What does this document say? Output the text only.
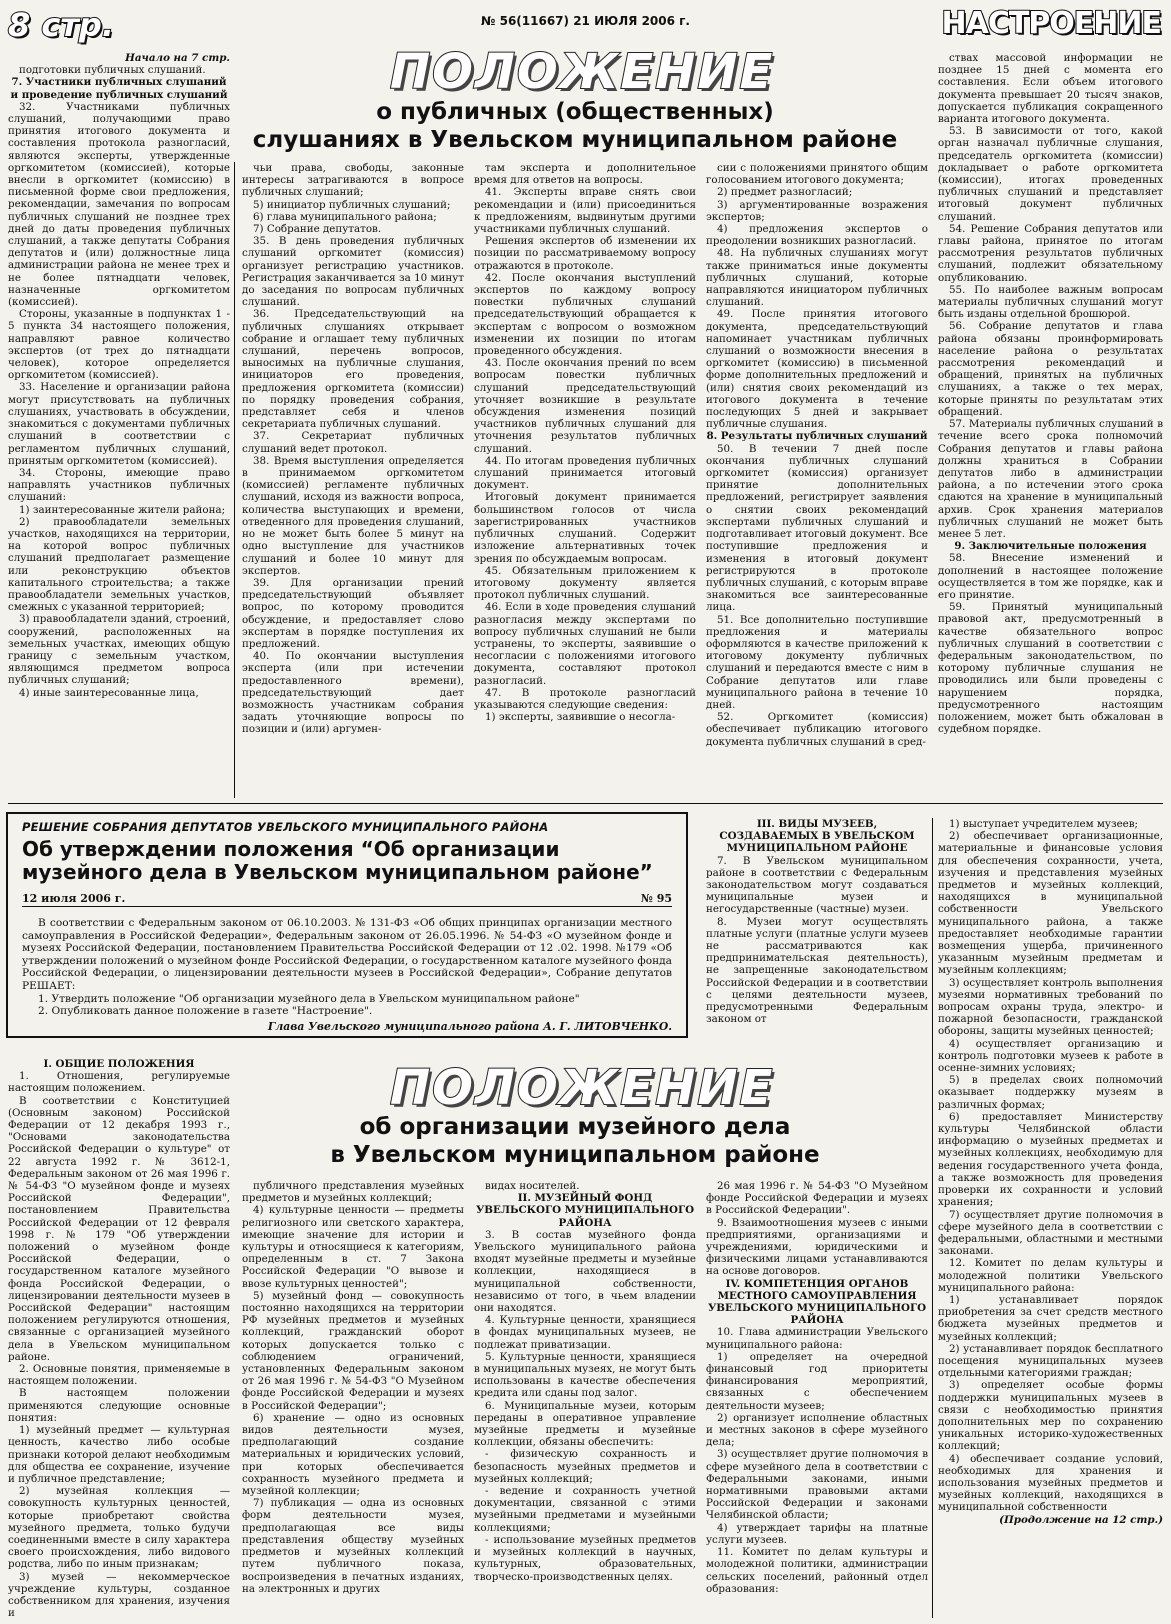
8 стр.	№ 56(11667) 21 ИЮЛЯ 2006 г.	НАСТРОЕНИЕ
ПОЛОЖЕНИЕ
о публичных (общественных)
слушаниях в Увельском муниципальном районе

Начало на 7 стр.

подготовки публичных слушаний.

7. Участники публичных слушаний и проведение публичных слушаний

32. Участниками публичных слушаний, получающими право принятия итогового документа и составления протокола разногласий, являются эксперты, утвержденные оргкомитетом (комиссией), которые внесли в оргкомитет (комиссию) в письменной форме свои предложения, рекомендации, замечания по вопросам публичных слушаний не позднее трех дней до даты проведения публичных слушаний, а также депутаты Собрания депутатов и (или) должностные лица администрации района не менее трех и не более пятнадцати человек, назначенные оргкомитетом (комиссией).

Стороны, указанные в подпунктах 1 - 5 пункта 34 настоящего положения, направляют равное количество экспертов (от трех до пятнадцати человек), которое определяется оргкомитетом (комиссией).

33. Население и организации района могут присутствовать на публичных слушаниях, участвовать в обсуждении, знакомиться с документами публичных слушаний в соответствии с регламентом публичных слушаний, принятым оргкомитетом (комиссией).

34. Стороны, имеющие право направлять участников публичных слушаний:

1) заинтересованные жители района;

2) правообладатели земельных участков, находящихся на территории, на которой вопрос публичных слушаний предполагает размещение или реконструкцию объектов капитального строительства; а также правообладатели земельных участков, смежных с указанной территорией;

3) правообладатели зданий, строений, сооружений, расположенных на земельных участках, имеющих общую границу с земельным участком, являющимся предметом вопроса публичных слушаний;

4) иные заинтересованные лица,

чьи права, свободы, законные интересы затрагиваются в вопросе публичных слушаний;

5) инициатор публичных слушаний;

6) глава муниципального района;

7) Собрание депутатов.

35. В день проведения публичных слушаний оргкомитет (комиссия) организует регистрацию участников. Регистрация заканчивается за 10 минут до заседания по вопросам публичных слушаний.

36. Председательствующий на публичных слушаниях открывает собрание и оглашает тему публичных слушаний, перечень вопросов, выносимых на публичные слушания, инициаторов его проведения, предложения оргкомитета (комиссии) по порядку проведения собрания, представляет себя и членов секретариата публичных слушаний.

37. Секретариат публичных слушаний ведет протокол.

38. Время выступления определяется в принимаемом оргкомитетом (комиссией) регламенте публичных слушаний, исходя из важности вопроса, количества выступающих и времени, отведенного для проведения слушаний, но не может быть более 5 минут на одно выступление для участников слушаний и более 10 минут для экспертов.

39. Для организации прений председательствующий объявляет вопрос, по которому проводится обсуждение, и предоставляет слово экспертам в порядке поступления их предложений.

40. По окончании выступления эксперта (или при истечении предоставленного времени), председательствующий дает возможность участникам собрания задать уточняющие вопросы по позиции и (или) аргумен-

там эксперта и дополнительное время для ответов на вопросы.

41. Эксперты вправе снять свои рекомендации и (или) присоединиться к предложениям, выдвинутым другими участниками публичных слушаний.

Решения экспертов об изменении их позиции по рассматриваемому вопросу отражаются в протоколе.

42. После окончания выступлений экспертов по каждому вопросу повестки публичных слушаний председательствующий обращается к экспертам с вопросом о возможном изменении их позиции по итогам проведенного обсуждения.

43. После окончания прений по всем вопросам повестки публичных слушаний председательствующий уточняет возникшие в результате обсуждения изменения позиций участников публичных слушаний для уточнения результатов публичных слушаний.

44. По итогам проведения публичных слушаний принимается итоговый документ.

Итоговый документ принимается большинством голосов от числа зарегистрированных участников публичных слушаний. Содержит изложение альтернативных точек зрения по обсуждаемым вопросам.

45. Обязательным приложением к итоговому документу является протокол публичных слушаний.

46. Если в ходе проведения слушаний разногласия между экспертами по вопросу публичных слушаний не были устранены, то эксперты, заявившие о несогласии с положениями итогового документа, составляют протокол разногласий.

47. В протоколе разногласий указываются следующие сведения:

1) эксперты, заявившие о несогла-

сии с положениями принятого общим голосованием итогового документа;

2) предмет разногласий;

3) аргументированные возражения экспертов;

4) предложения экспертов о преодолении возникших разногласий.

48. На публичных слушаниях могут также приниматься иные документы публичных слушаний, которые направляются инициатором публичных слушаний.

49. После принятия итогового документа, председательствующий напоминает участникам публичных слушаний о возможности внесения в оргкомитет (комиссию) в письменной форме дополнительных предложений и (или) снятия своих рекомендаций из итогового документа в течение последующих 5 дней и закрывает публичные слушания.

8. Результаты публичных слушаний

50. В течении 7 дней после окончания публичных слушаний оргкомитет (комиссия) организует принятие дополнительных предложений, регистрирует заявления о снятии своих рекомендаций экспертами публичных слушаний и подготавливает итоговый документ. Все поступившие предложения и изменения в итоговый документ регистрируются в протоколе публичных слушаний, с которым вправе знакомиться все заинтересованные лица.

51. Все дополнительно поступившие предложения и материалы оформляются в качестве приложений к итоговому документу публичных слушаний и передаются вместе с ним в Собрание депутатов или главе муниципального района в течение 10 дней.

52. Оргкомитет (комиссия) обеспечивает публикацию итогового документа публичных слушаний в сред-

ствах массовой информации не позднее 15 дней с момента его составления. Если объем итогового документа превышает 20 тысяч знаков, допускается публикация сокращенного варианта итогового документа.

53. В зависимости от того, какой орган назначал публичные слушания, председатель оргкомитета (комиссии) докладывает о работе оргкомитета (комиссии), итогах проведенных публичных слушаний и представляет итоговый документ публичных слушаний.

54. Решение Собрания депутатов или главы района, принятое по итогам рассмотрения результатов публичных слушаний, подлежит обязательному опубликованию.

55. По наиболее важным вопросам материалы публичных слушаний могут быть изданы отдельной брошюрой.

56. Собрание депутатов и глава района обязаны проинформировать население района о результатах рассмотрения рекомендаций и обращений, принятых на публичных слушаниях, а также о тех мерах, которые приняты по результатам этих обращений.

57. Материалы публичных слушаний в течение всего срока полномочий Собрания депутатов и главы района должны храниться в Собрании депутатов либо в администрации района, а по истечении этого срока сдаются на хранение в муниципальный архив. Срок хранения материалов публичных слушаний не может быть менее 5 лет.

9. Заключительные положения

58. Внесение изменений и дополнений в настоящее положение осуществляется в том же порядке, как и его принятие.

59. Принятый муниципальный правовой акт, предусмотренный в качестве обязательного вопрос публичных слушаний в соответствии с федеральным законодательством, по которому публичные слушания не проводились или были проведены с нарушением порядка, предусмотренного настоящим положением, может быть обжалован в судебном порядке.

РЕШЕНИЕ СОБРАНИЯ ДЕПУТАТОВ УВЕЛЬСКОГО МУНИЦИПАЛЬНОГО РАЙОНА
Об утверждении положения “Об организации музейного дела в Увельском муниципальном районе”
12 июля 2006 г.	№ 95

В соответствии с Федеральным законом от 06.10.2003. № 131-ФЗ «Об общих принципах организации местного самоуправления в Российской Федерации», Федеральным законом от 26.05.1996. № 54-ФЗ «О музейном фонде и музеях Российской Федерации, постановлением Правительства Российской Федерации от 12 .02. 1998. №179 «Об утверждении положений о музейном фонде Российской Федерации, о государственном каталоге музейного фонда Российской Федерации, о лицензировании деятельности музеев в Российской Федерации», Собрание депутатов РЕШАЕТ:

1. Утвердить положение "Об организации музейного дела в Увельском муниципальном районе"

2. Опубликовать данное положение в газете "Настроение".

Глава Увельского муниципального района А. Г. ЛИТОВЧЕНКО.

III. ВИДЫ МУЗЕЕВ, СОЗДАВАЕМЫХ В УВЕЛЬСКОМ МУНИЦИПАЛЬНОМ РАЙОНЕ

7. В Увельском муниципальном районе в соответствии с Федеральным законодательством могут создаваться муниципальные музеи и негосударственные (частные) музеи.

8. Музеи могут осуществлять платные услуги (платные услуги музеев не рассматриваются как предпринимательская деятельность), не запрещенные законодательством Российской Федерации и в соответствии с целями деятельности музеев, предусмотренными Федеральным законом от

1) выступает учредителем музеев;

2) обеспечивает организационные, материальные и финансовые условия для обеспечения сохранности, учета, изучения и представления музейных предметов и музейных коллекций, находящихся в муниципальной собственности Увельского муниципального района, а также предоставляет необходимые гарантии возмещения ущерба, причиненного указанным музейным предметам и музейным коллекциям;

3) осуществляет контроль выполнения музеями нормативных требований по вопросам охраны труда, электро- и пожарной безопасности, гражданской обороны, защиты музейных ценностей;

4) осуществляет организацию и контроль подготовки музеев к работе в осенне-зимних условиях;

5) в пределах своих полномочий оказывает поддержку музеям в различных формах;

6) предоставляет Министерству культуры Челябинской области информацию о музейных предметах и музейных коллекциях, необходимую для ведения государственного учета фонда, а также возможность для проведения проверки их сохранности и условий хранения;

7) осуществляет другие полномочия в сфере музейного дела в соответствии с федеральными, областными и местными законами.

12. Комитет по делам культуры и молодежной политики Увельского муниципального района:

1) устанавливает порядок приобретения за счет средств местного бюджета музейных предметов и музейных коллекций;

2) устанавливает порядок бесплатного посещения муниципальных музеев отдельными категориями граждан;

3) определяет особые формы поддержки муниципальных музеев в связи с необходимостью принятия дополнительных мер по сохранению уникальных историко-художественных коллекций;

4) обеспечивает создание условий, необходимых для хранения и использования музейных предметов и музейных коллекций, находящихся в муниципальной собственности

(Продолжение на 12 стр.)

ПОЛОЖЕНИЕ
об организации музейного дела
в Увельском муниципальном районе

I. ОБЩИЕ ПОЛОЖЕНИЯ

1. Отношения, регулируемые настоящим положением.

В соответствии с Конституцией (Основным законом) Российской Федерации от 12 декабря 1993 г., "Основами законодательства Российской Федерации о культуре" от 22 августа 1992 г. № 3612-1, Федеральным законом от 26 мая 1996 г. № 54-ФЗ "О музейном фонде и музеях Российской Федерации", постановлением Правительства Российской Федерации от 12 февраля 1998 г. № 179 "Об утверждении положений о музейном фонде Российской Федерации, о государственном каталоге музейного фонда Российской Федерации, о лицензировании деятельности музеев в Российской Федерации" настоящим положением регулируются отношения, связанные с организацией музейного дела в Увельском муниципальном районе.

2. Основные понятия, применяемые в настоящем положении.

В настоящем положении применяются следующие основные понятия:

1) музейный предмет — культурная ценность, качество либо особые признаки которой делают необходимым для общества ее сохранение, изучение и публичное представление;

2) музейная коллекция — совокупность культурных ценностей, которые приобретают свойства музейного предмета, только будучи соединенными вместе в силу характера своего происхождения, либо видового родства, либо по иным признакам;

3) музей — некоммерческое учреждение культуры, созданное собственником для хранения, изучения и

публичного представления музейных предметов и музейных коллекций;

4) культурные ценности — предметы религиозного или светского характера, имеющие значение для истории и культуры и относящиеся к категориям, определенным в ст. 7 Закона Российской Федерации "О вывозе и ввозе культурных ценностей";

5) музейный фонд — совокупность постоянно находящихся на территории РФ музейных предметов и музейных коллекций, гражданский оборот которых допускается только с соблюдением ограничений, установленных Федеральным законом от 26 мая 1996 г. № 54-ФЗ "О Музейном фонде Российской Федерации и музеях в Российской Федерации";

6) хранение — одно из основных видов деятельности музея, предполагающий создание материальных и юридических условий, при которых обеспечивается сохранность музейного предмета и музейной коллекции;

7) публикация — одна из основных форм деятельности музея, предполагающая все виды представления обществу музейных предметов и музейных коллекций путем публичного показа, воспроизведения в печатных изданиях, на электронных и других

видах носителей.

II. МУЗЕЙНЫЙ ФОНД УВЕЛЬСКОГО МУНИЦИПАЛЬНОГО РАЙОНА

3. В состав музейного фонда Увельского муниципального района входят музейные предметы и музейные коллекции, находящиеся в муниципальной собственности, независимо от того, в чьем владении они находятся.

4. Культурные ценности, хранящиеся в фондах муниципальных музеев, не подлежат приватизации.

5. Культурные ценности, хранящиеся в муниципальных музеях, не могут быть использованы в качестве обеспечения кредита или сданы под залог.

6. Муниципальные музеи, которым переданы в оперативное управление музейные предметы и музейные коллекции, обязаны обеспечить:

- физическую сохранность и безопасность музейных предметов и музейных коллекций;

- ведение и сохранность учетной документации, связанной с этими музейными предметами и музейными коллекциями;

- использование музейных предметов и музейных коллекций в научных, культурных, образовательных, творческо-производственных целях.

26 мая 1996 г. № 54-ФЗ "О Музейном фонде Российской Федерации и музеях в Российской Федерации".

9. Взаимоотношения музеев с иными предприятиями, организациями и учреждениями, юридическими и физическими лицами устанавливаются на основе договоров.

IV. КОМПЕТЕНЦИЯ ОРГАНОВ МЕСТНОГО САМОУПРАВЛЕНИЯ УВЕЛЬСКОГО МУНИЦИПАЛЬНОГО РАЙОНА

10. Глава администрации Увельского муниципального района:

1) определяет на очередной финансовый год приоритеты финансирования мероприятий, связанных с обеспечением деятельности музеев;

2) организует исполнение областных и местных законов в сфере музейного дела;

3) осуществляет другие полномочия в сфере музейного дела в соответствии с Федеральными законами, иными нормативными правовыми актами Российской Федерации и законами Челябинской области;

4) утверждает тарифы на платные услуги музеев.

11. Комитет по делам культуры и молодежной политики, администрации сельских поселений, районный отдел образования:
